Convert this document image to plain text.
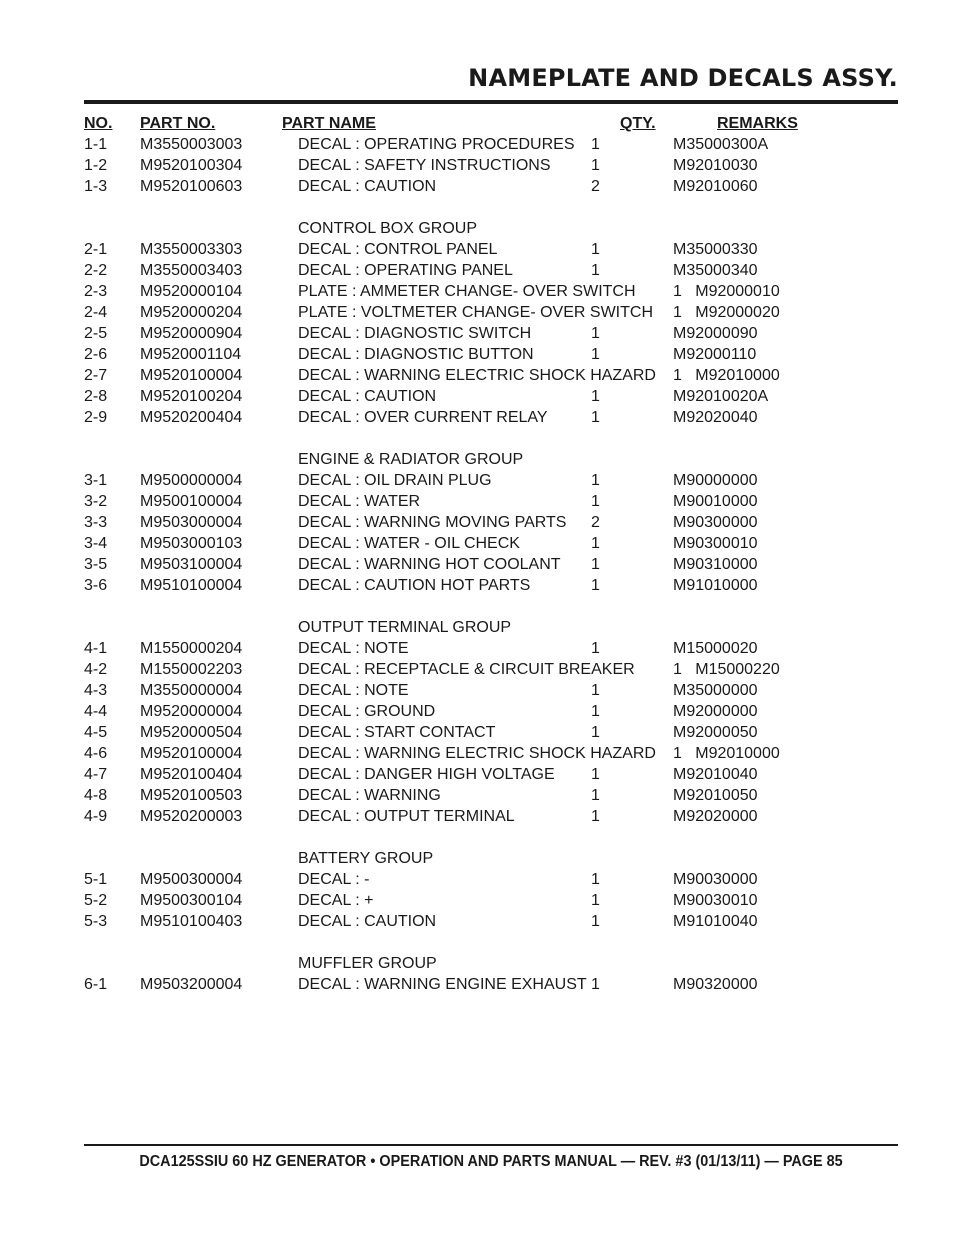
NAMEPLATE AND DECALS ASSY.
NO. PART NO.	PART NAME	QTY.	REMARKS
1-1 M3550003003	DECAL : OPERATING PROCEDURES 1	M35000300A
1-2 M9520100304	DECAL : SAFETY INSTRUCTIONS	1	M92010030
1-3 M9520100603	DECAL : CAUTION	2	M92010060
CONTROL BOX GROUP
2-1 M3550003303	DECAL : CONTROL PANEL	1	M35000330
2-2 M3550003403	DECAL : OPERATING PANEL	1	M35000340
2-3 M9520000104	PLATE : AMMETER CHANGE- OVER SWITCH 1   M92000010
2-4 M9520000204	PLATE : VOLTMETER CHANGE- OVER SWITCH 1   M92000020
2-5 M9520000904	DECAL : DIAGNOSTIC SWITCH	1	M92000090
2-6 M9520001104	DECAL : DIAGNOSTIC BUTTON	1	M92000110
2-7 M9520100004	DECAL : WARNING ELECTRIC SHOCK HAZARD 1   M92010000
2-8 M9520100204	DECAL : CAUTION	1	M92010020A
2-9 M9520200404	DECAL : OVER CURRENT RELAY	1	M92020040
ENGINE & RADIATOR GROUP
3-1 M9500000004	DECAL : OIL DRAIN PLUG	1	M90000000
3-2 M9500100004	DECAL : WATER	1	M90010000
3-3 M9503000004	DECAL : WARNING MOVING PARTS 2	M90300000
3-4 M9503000103	DECAL : WATER - OIL CHECK	1	M90300010
3-5 M9503100004	DECAL : WARNING HOT COOLANT 1	M90310000
3-6 M9510100004	DECAL : CAUTION HOT PARTS	1	M91010000
OUTPUT TERMINAL GROUP
4-1 M1550000204	DECAL : NOTE	1	M15000020
4-2 M1550002203	DECAL : RECEPTACLE & CIRCUIT BREAKER 1   M15000220
4-3 M3550000004	DECAL : NOTE	1	M35000000
4-4 M9520000004	DECAL : GROUND	1	M92000000
4-5 M9520000504	DECAL : START CONTACT	1	M92000050
4-6 M9520100004	DECAL : WARNING ELECTRIC SHOCK HAZARD 1   M92010000
4-7 M9520100404	DECAL : DANGER HIGH VOLTAGE 1	M92010040
4-8 M9520100503	DECAL : WARNING	1	M92010050
4-9 M9520200003	DECAL : OUTPUT TERMINAL	1	M92020000
BATTERY GROUP
5-1 M9500300004	DECAL : -	1	M90030000
5-2 M9500300104	DECAL : +	1	M90030010
5-3 M9510100403	DECAL : CAUTION	1	M91010040
MUFFLER GROUP
6-1 M9503200004	DECAL : WARNING ENGINE EXHAUST 1	M90320000
DCA125SSIU 60 HZ GENERATOR • OPERATION AND PARTS MANUAL — REV. #3 (01/13/11) — PAGE 85
